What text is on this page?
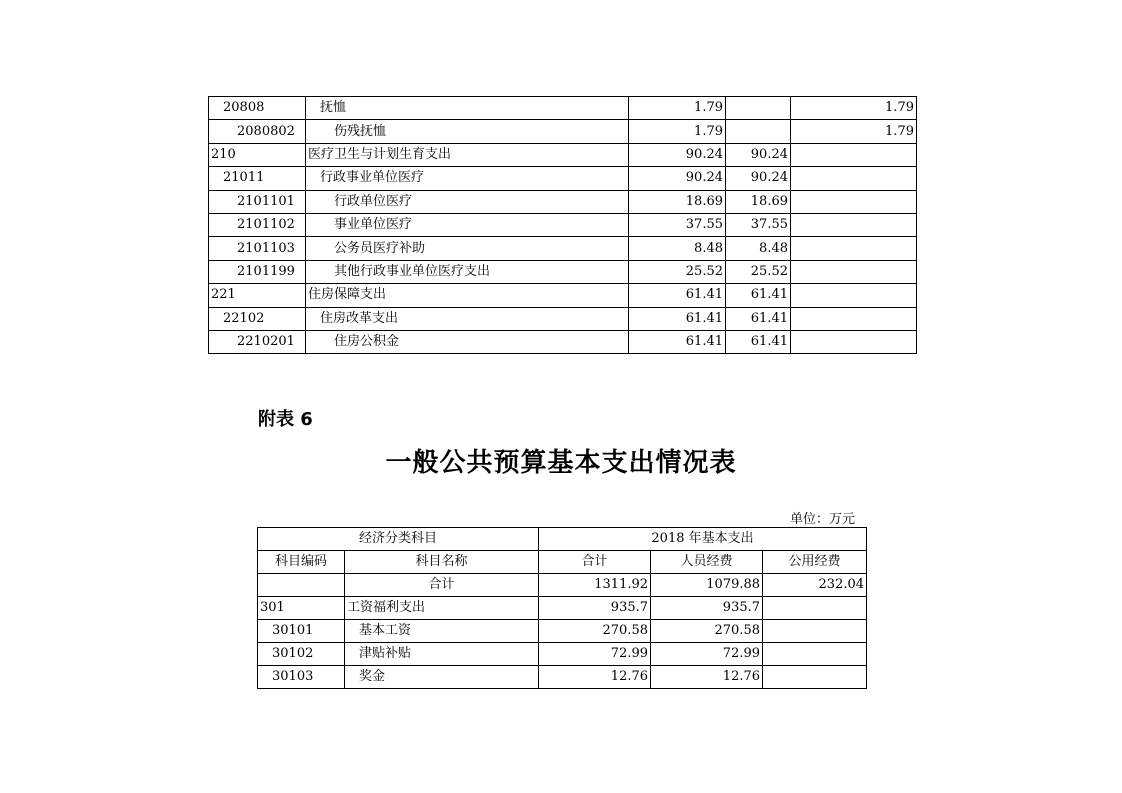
20808	抚恤	1.79		1.79
2080802	伤残抚恤	1.79		1.79
210	医疗卫生与计划生育支出	90.24	90.24	
21011	行政事业单位医疗	90.24	90.24	
2101101	行政单位医疗	18.69	18.69	
2101102	事业单位医疗	37.55	37.55	
2101103	公务员医疗补助	8.48	8.48	
2101199	其他行政事业单位医疗支出	25.52	25.52	
221	住房保障支出	61.41	61.41	
22102	住房改革支出	61.41	61.41	
2210201	住房公积金	61.41	61.41	
附表 6
一般公共预算基本支出情况表
单位：万元
经济分类科目		2018 年基本支出		
科目编码	科目名称	合计	人员经费	公用经费
	合计	1311.92	1079.88	232.04
301	工资福利支出	935.7	935.7	
30101	基本工资	270.58	270.58	
30102	津贴补贴	72.99	72.99	
30103	奖金	12.76	12.76	
